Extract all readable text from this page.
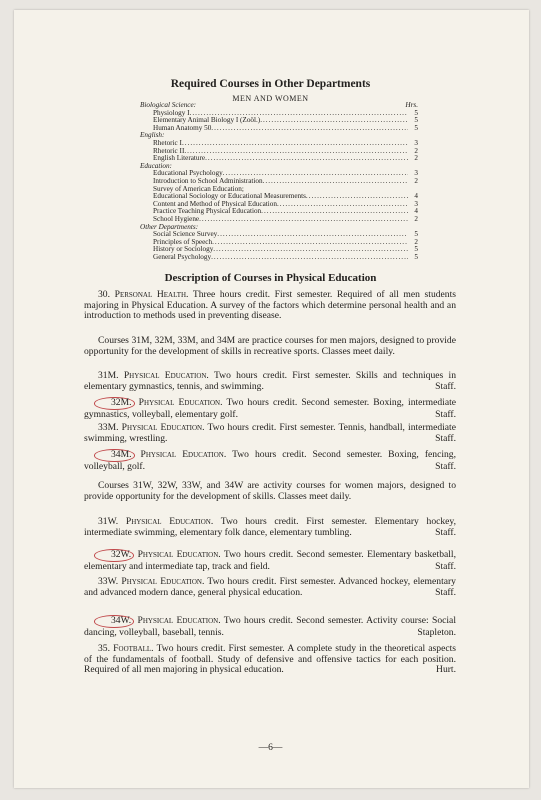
Required Courses in Other Departments
MEN AND WOMEN
Hrs.
Biological Science:
Physiology I .....	5
Elementary Animal Biology I (Zoöl.) .....	5
Human Anatomy 50 .....	5
English:
Rhetoric I .....	3
Rhetoric II .....	2
English Literature .....	2
Education:
Educational Psychology .....	3
Introduction to School Administration .....	2
Survey of American Education;
Educational Sociology or Educational Measurements .....	4
Content and Method of Physical Education .....	3
Practice Teaching Physical Education .....	4
School Hygiene .....	2
Other Departments:
Social Science Survey .....	5
Principles of Speech .....	2
History or Sociology .....	5
General Psychology .....	5
Description of Courses in Physical Education
30. Personal Health. Three hours credit. First semester. Required of all men students majoring in Physical Education. A survey of the factors which determine personal health and an introduction to methods used in preventing disease.
Courses 31M, 32M, 33M, and 34M are practice courses for men majors, designed to provide opportunity for the development of skills in recreative sports. Classes meet daily.
31M. Physical Education. Two hours credit. First semester. Skills and techniques in elementary gymnastics, tennis, and swimming.	Staff.
32M. Physical Education. Two hours credit. Second semester. Boxing, intermediate gymnastics, volleyball, elementary golf.	Staff.
33M. Physical Education. Two hours credit. First semester. Tennis, handball, intermediate swimming, wrestling.	Staff.
34M. Physical Education. Two hours credit. Second semester. Boxing, fencing, volleyball, golf.	Staff.
Courses 31W, 32W, 33W, and 34W are activity courses for women majors, designed to provide opportunity for the development of skills. Classes meet daily.
31W. Physical Education. Two hours credit. First semester. Elementary hockey, intermediate swimming, elementary folk dance, elementary tumbling.	Staff.
32W. Physical Education. Two hours credit. Second semester. Elementary basketball, elementary and intermediate tap, track and field.	Staff.
33W. Physical Education. Two hours credit. First semester. Advanced hockey, elementary and advanced modern dance, general physical education.	Staff.
34W. Physical Education. Two hours credit. Second semester. Activity course: Social dancing, volleyball, baseball, tennis.	Stapleton.
35. Football. Two hours credit. First semester. A complete study in the theoretical aspects of the fundamentals of football. Study of defensive and offensive tactics for each position. Required of all men majoring in physical education.	Hurt.
—6—
